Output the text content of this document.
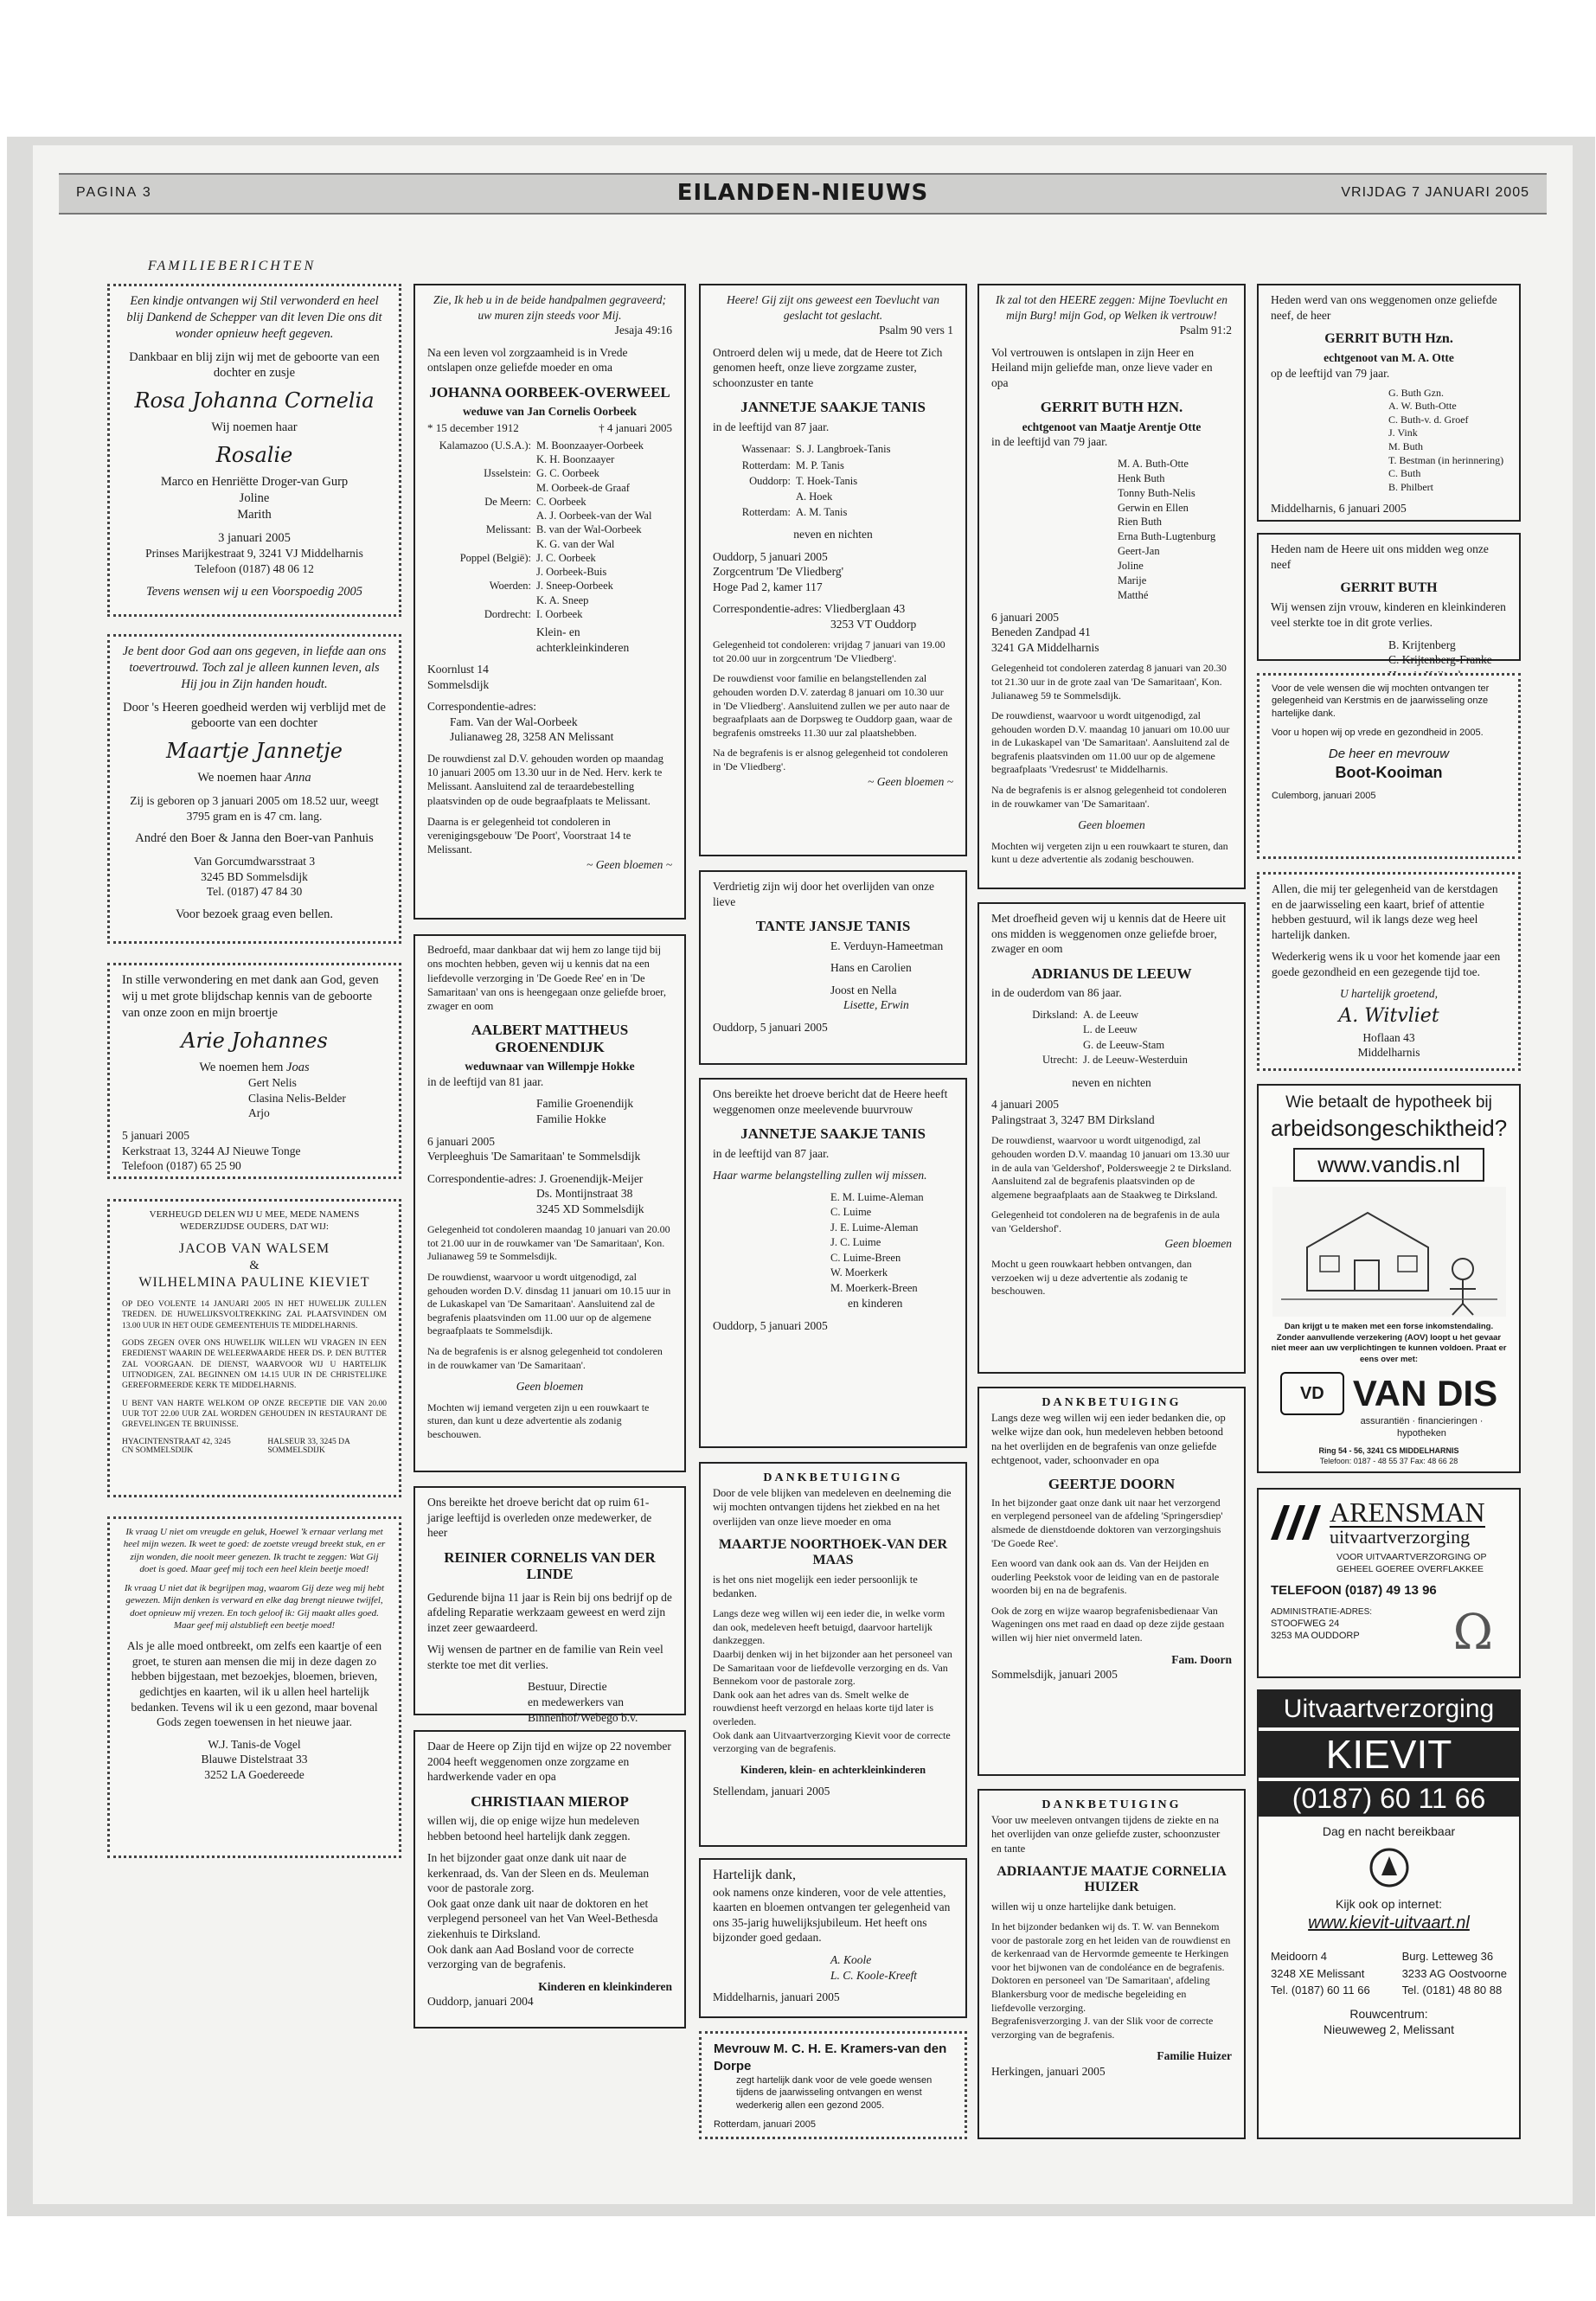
PAGINA 3	EILANDEN-NIEUWS	VRIJDAG 7 JANUARI 2005
FAMILIEBERICHTEN

Een kindje ontvangen wij Stil verwonderd en heel blij Dankend de Schepper van dit leven Die ons dit wonder opnieuw heeft gegeven.

Dankbaar en blij zijn wij met de geboorte van een dochter en zusje

Rosa Johanna Cornelia

Wij noemen haar

Rosalie

Marco en Henriëtte Droger-van Gurp

Joline

Marith

3 januari 2005

Prinses Marijkestraat 9, 3241 VJ Middelharnis

Telefoon (0187) 48 06 12

Tevens wensen wij u een Voorspoedig 2005

Je bent door God aan ons gegeven, in liefde aan ons toevertrouwd. Toch zal je alleen kunnen leven, als Hij jou in Zijn handen houdt.

Door 's Heeren goedheid werden wij verblijd met de geboorte van een dochter

Maartje Jannetje

We noemen haar Anna

Zij is geboren op 3 januari 2005 om 18.52 uur, weegt 3795 gram en is 47 cm. lang.

André den Boer & Janna den Boer-van Panhuis

Van Gorcumdwarsstraat 3

3245 BD Sommelsdijk

Tel. (0187) 47 84 30

Voor bezoek graag even bellen.

In stille verwondering en met dank aan God, geven wij u met grote blijdschap kennis van de geboorte van onze zoon en mijn broertje

Arie Johannes

We noemen hem Joas

Gert Nelis

Clasina Nelis-Belder

Arjo

5 januari 2005

Kerkstraat 13, 3244 AJ Nieuwe Tonge

Telefoon (0187) 65 25 90

VERHEUGD DELEN WIJ U MEE, MEDE NAMENS WEDERZIJDSE OUDERS, DAT WIJ:

JACOB VAN WALSEM

&

WILHELMINA PAULINE KIEVIET

OP DEO VOLENTE 14 JANUARI 2005 IN HET HUWELIJK ZULLEN TREDEN. DE HUWELIJKSVOLTREKKING ZAL PLAATSVINDEN OM 13.00 UUR IN HET OUDE GEMEENTEHUIS TE MIDDELHARNIS.

GODS ZEGEN OVER ONS HUWELIJK WILLEN WIJ VRAGEN IN EEN EREDIENST WAARIN DE WELEERWAARDE HEER DS. P. DEN BUTTER ZAL VOORGAAN. DE DIENST, WAARVOOR WIJ U HARTELIJK UITNODIGEN, ZAL BEGINNEN OM 14.15 UUR IN DE CHRISTELIJKE GEREFORMEERDE KERK TE MIDDELHARNIS.

U BENT VAN HARTE WELKOM OP ONZE RECEPTIE DIE VAN 20.00 UUR TOT 22.00 UUR ZAL WORDEN GEHOUDEN IN RESTAURANT DE GREVELINGEN TE BRUINISSE.

HYACINTENSTRAAT 42, 3245 CN SOMMELSDIJK
HALSEUR 33, 3245 DA SOMMELSDIJK

Ik vraag U niet om vreugde en geluk, Hoewel 'k ernaar verlang met heel mijn wezen. Ik weet te goed: de zoetste vreugd breekt stuk, en er zijn wonden, die nooit meer genezen. Ik tracht te zeggen: Wat Gij doet is goed. Maar geef mij toch een heel klein beetje moed!

Ik vraag U niet dat ik begrijpen mag, waarom Gij deze weg mij hebt gewezen. Mijn denken is verward en elke dag brengt nieuwe twijfel, doet opnieuw mij vrezen. En toch geloof ik: Gij maakt alles goed. Maar geef mij alstublieft een beetje moed!

Als je alle moed ontbreekt, om zelfs een kaartje of een groet, te sturen aan mensen die mij in deze dagen zo hebben bijgestaan, met bezoekjes, bloemen, brieven, gedichtjes en kaarten, wil ik u allen heel hartelijk bedanken. Tevens wil ik u een gezond, maar bovenal Gods zegen toewensen in het nieuwe jaar.

W.J. Tanis-de Vogel

Blauwe Distelstraat 33

3252 LA Goedereede

Zie, Ik heb u in de beide handpalmen gegraveerd; uw muren zijn steeds voor Mij.

Jesaja 49:16

Na een leven vol zorgzaamheid is in Vrede ontslapen onze geliefde moeder en oma

JOHANNA OORBEEK-OVERWEEL

weduwe van Jan Cornelis Oorbeek

* 15 december 1912	† 4 januari 2005
Kalamazoo (U.S.A.): M. Boonzaayer-Oorbeek
K. H. Boonzaayer
IJsselstein: G. C. Oorbeek
M. Oorbeek-de Graaf
De Meern: C. Oorbeek
A. J. Oorbeek-van der Wal
Melissant: B. van der Wal-Oorbeek
K. G. van der Wal
Poppel (België): J. C. Oorbeek
J. Oorbeek-Buis
Woerden: J. Sneep-Oorbeek
K. A. Sneep
Dordrecht: I. Oorbeek

Klein- en achterkleinkinderen

Koornlust 14

Sommelsdijk

Correspondentie-adres:

Fam. Van der Wal-Oorbeek

Julianaweg 28, 3258 AN Melissant

De rouwdienst zal D.V. gehouden worden op maandag 10 januari 2005 om 13.30 uur in de Ned. Herv. kerk te Melissant. Aansluitend zal de teraardebestelling plaatsvinden op de oude begraafplaats te Melissant.

Daarna is er gelegenheid tot condoleren in verenigingsgebouw 'De Poort', Voorstraat 14 te Melissant.

~ Geen bloemen ~

Bedroefd, maar dankbaar dat wij hem zo lange tijd bij ons mochten hebben, geven wij u kennis dat na een liefdevolle verzorging in 'De Goede Ree' en in 'De Samaritaan' van ons is heengegaan onze geliefde broer, zwager en oom

AALBERT MATTHEUS GROENENDIJK

weduwnaar van Willempje Hokke

in de leeftijd van 81 jaar.

Familie Groenendijk

Familie Hokke

6 januari 2005

Verpleeghuis 'De Samaritaan' te Sommelsdijk

Correspondentie-adres: J. Groenendijk-Meijer

Ds. Montijnstraat 38

3245 XD Sommelsdijk

Gelegenheid tot condoleren maandag 10 januari van 20.00 tot 21.00 uur in de rouwkamer van 'De Samaritaan', Kon. Julianaweg 59 te Sommelsdijk.

De rouwdienst, waarvoor u wordt uitgenodigd, zal gehouden worden D.V. dinsdag 11 januari om 10.15 uur in de Lukaskapel van 'De Samaritaan'. Aansluitend zal de begrafenis plaatsvinden om 11.00 uur op de algemene begraafplaats te Sommelsdijk.

Na de begrafenis is er alsnog gelegenheid tot condoleren in de rouwkamer van 'De Samaritaan'.

Geen bloemen

Mochten wij iemand vergeten zijn u een rouwkaart te sturen, dan kunt u deze advertentie als zodanig beschouwen.

Ons bereikte het droeve bericht dat op ruim 61-jarige leeftijd is overleden onze medewerker, de heer

REINIER CORNELIS VAN DER LINDE

Gedurende bijna 11 jaar is Rein bij ons bedrijf op de afdeling Reparatie werkzaam geweest en werd zijn inzet zeer gewaardeerd.

Wij wensen de partner en de familie van Rein veel sterkte toe met dit verlies.

Bestuur, Directie

en medewerkers van

Binnenhof/Webego b.v.

Daar de Heere op Zijn tijd en wijze op 22 november 2004 heeft weggenomen onze zorgzame en hardwerkende vader en opa

CHRISTIAAN MIEROP

willen wij, die op enige wijze hun medeleven hebben betoond heel hartelijk dank zeggen.

In het bijzonder gaat onze dank uit naar de kerkenraad, ds. Van der Sleen en ds. Meuleman voor de pastorale zorg.

Ook gaat onze dank uit naar de doktoren en het verplegend personeel van het Van Weel-Bethesda ziekenhuis te Dirksland.

Ook dank aan Aad Bosland voor de correcte verzorging van de begrafenis.

Kinderen en kleinkinderen

Ouddorp, januari 2004

Heere! Gij zijt ons geweest een Toevlucht van geslacht tot geslacht.

Psalm 90 vers 1

Ontroerd delen wij u mede, dat de Heere tot Zich genomen heeft, onze lieve zorgzame zuster, schoonzuster en tante

JANNETJE SAAKJE TANIS

in de leeftijd van 87 jaar.

Wassenaar: S. J. Langbroek-Tanis
Rotterdam: M. P. Tanis
Ouddorp: T. Hoek-Tanis
A. Hoek
Rotterdam: A. M. Tanis

neven en nichten

Ouddorp, 5 januari 2005

Zorgcentrum 'De Vliedberg'

Hoge Pad 2, kamer 117

Correspondentie-adres: Vliedberglaan 43

3253 VT Ouddorp

Gelegenheid tot condoleren: vrijdag 7 januari van 19.00 tot 20.00 uur in zorgcentrum 'De Vliedberg'.

De rouwdienst voor familie en belangstellenden zal gehouden worden D.V. zaterdag 8 januari om 10.30 uur in 'De Vliedberg'. Aansluitend zullen we per auto naar de begraafplaats aan de Dorpsweg te Ouddorp gaan, waar de begrafenis omstreeks 11.30 uur zal plaatshebben.

Na de begrafenis is er alsnog gelegenheid tot condoleren in 'De Vliedberg'.

~ Geen bloemen ~

Verdrietig zijn wij door het overlijden van onze lieve

TANTE JANSJE TANIS

E. Verduyn-Hameetman

Hans en Carolien

Joost en Nella

Lisette, Erwin

Ouddorp, 5 januari 2005

Ons bereikte het droeve bericht dat de Heere heeft weggenomen onze meelevende buurvrouw

JANNETJE SAAKJE TANIS

in de leeftijd van 87 jaar.

Haar warme belangstelling zullen wij missen.

E. M. Luime-Aleman
C. Luime
J. E. Luime-Aleman
J. C. Luime
C. Luime-Breen
W. Moerkerk
M. Moerkerk-Breen

en kinderen

Ouddorp, 5 januari 2005

DANKBETUIGING

Door de vele blijken van medeleven en deelneming die wij mochten ontvangen tijdens het ziekbed en na het overlijden van onze lieve moeder en oma

MAARTJE NOORTHOEK-VAN DER MAAS

is het ons niet mogelijk een ieder persoonlijk te bedanken.

Langs deze weg willen wij een ieder die, in welke vorm dan ook, medeleven heeft betuigd, daarvoor hartelijk dankzeggen.

Daarbij denken wij in het bijzonder aan het personeel van De Samaritaan voor de liefdevolle verzorging en ds. Van Bennekom voor de pastorale zorg.

Dank ook aan het adres van ds. Smelt welke de rouwdienst heeft verzorgd en helaas korte tijd later is overleden.

Ook dank aan Uitvaartverzorging Kievit voor de correcte verzorging van de begrafenis.

Kinderen, klein- en achterkleinkinderen

Stellendam, januari 2005

Hartelijk dank,

ook namens onze kinderen, voor de vele attenties, kaarten en bloemen ontvangen ter gelegenheid van ons 35-jarig huwelijksjubileum. Het heeft ons bijzonder goed gedaan.

A. Koole

L. C. Koole-Kreeft

Middelharnis, januari 2005

Mevrouw M. C. H. E. Kramers-van den Dorpe

zegt hartelijk dank voor de vele goede wensen tijdens de jaarwisseling ontvangen en wenst wederkerig allen een gezond 2005.

Rotterdam, januari 2005

Ik zal tot den HEERE zeggen: Mijne Toevlucht en mijn Burg! mijn God, op Welken ik vertrouw!

Psalm 91:2

Vol vertrouwen is ontslapen in zijn Heer en Heiland mijn geliefde man, onze lieve vader en opa

GERRIT BUTH HZN.

echtgenoot van Maatje Arentje Otte

in de leeftijd van 79 jaar.

M. A. Buth-Otte
Henk Buth
Tonny Buth-Nelis
Gerwin en Ellen
Rien Buth
Erna Buth-Lugtenburg
Geert-Jan
Joline
Marije
Matthé

6 januari 2005

Beneden Zandpad 41

3241 GA Middelharnis

Gelegenheid tot condoleren zaterdag 8 januari van 20.30 tot 21.30 uur in de grote zaal van 'De Samaritaan', Kon. Julianaweg 59 te Sommelsdijk.

De rouwdienst, waarvoor u wordt uitgenodigd, zal gehouden worden D.V. maandag 10 januari om 10.00 uur in de Lukaskapel van 'De Samaritaan'. Aansluitend zal de begrafenis plaatsvinden om 11.00 uur op de algemene begraafplaats 'Vredesrust' te Middelharnis.

Na de begrafenis is er alsnog gelegenheid tot condoleren in de rouwkamer van 'De Samaritaan'.

Geen bloemen

Mochten wij vergeten zijn u een rouwkaart te sturen, dan kunt u deze advertentie als zodanig beschouwen.

Met droefheid geven wij u kennis dat de Heere uit ons midden is weggenomen onze geliefde broer, zwager en oom

ADRIANUS DE LEEUW

in de ouderdom van 86 jaar.

Dirksland: A. de Leeuw
L. de Leeuw
G. de Leeuw-Stam
Utrecht: J. de Leeuw-Westerduin

neven en nichten

4 januari 2005

Palingstraat 3, 3247 BM Dirksland

De rouwdienst, waarvoor u wordt uitgenodigd, zal gehouden worden D.V. maandag 10 januari om 13.30 uur in de aula van 'Geldershof', Poldersweegje 2 te Dirksland. Aansluitend zal de begrafenis plaatsvinden op de algemene begraafplaats aan de Staakweg te Dirksland.

Gelegenheid tot condoleren na de begrafenis in de aula van 'Geldershof'.

Geen bloemen

Mocht u geen rouwkaart hebben ontvangen, dan verzoeken wij u deze advertentie als zodanig te beschouwen.

DANKBETUIGING

Langs deze weg willen wij een ieder bedanken die, op welke wijze dan ook, hun medeleven hebben betoond na het overlijden en de begrafenis van onze geliefde echtgenoot, vader, schoonvader en opa

GEERTJE DOORN

In het bijzonder gaat onze dank uit naar het verzorgend en verplegend personeel van de afdeling 'Springersdiep' alsmede de dienstdoende doktoren van verzorgingshuis 'De Goede Ree'.

Een woord van dank ook aan ds. Van der Heijden en ouderling Peekstok voor de leiding van en de pastorale woorden bij en na de begrafenis.

Ook de zorg en wijze waarop begrafenisbedienaar Van Wageningen ons met raad en daad op deze zijde gestaan willen wij hier niet onvermeld laten.

Fam. Doorn

Sommelsdijk, januari 2005

DANKBETUIGING

Voor uw meeleven ontvangen tijdens de ziekte en na het overlijden van onze geliefde zuster, schoonzuster en tante

ADRIAANTJE MAATJE CORNELIA HUIZER

willen wij u onze hartelijke dank betuigen.

In het bijzonder bedanken wij ds. T. W. van Bennekom voor de pastorale zorg en het leiden van de rouwdienst en de kerkenraad van de Hervormde gemeente te Herkingen voor het bijwonen van de condoléance en de begrafenis.

Doktoren en personeel van 'De Samaritaan', afdeling Blankersburg voor de medische begeleiding en liefdevolle verzorging.

Begrafenisverzorging J. van der Slik voor de correcte verzorging van de begrafenis.

Familie Huizer

Herkingen, januari 2005

Heden werd van ons weggenomen onze geliefde neef, de heer

GERRIT BUTH Hzn.

echtgenoot van M. A. Otte

op de leeftijd van 79 jaar.

G. Buth Gzn.
A. W. Buth-Otte
C. Buth-v. d. Groef
J. Vink
M. Buth
T. Bestman (in herinnering)
C. Buth
B. Philbert

Middelharnis, 6 januari 2005

Heden nam de Heere uit ons midden weg onze neef

GERRIT BUTH

Wij wensen zijn vrouw, kinderen en kleinkinderen veel sterkte toe in dit grote verlies.

B. Krijtenberg

C. Krijtenberg-Franke

Voor de vele wensen die wij mochten ontvangen ter gelegenheid van Kerstmis en de jaarwisseling onze hartelijke dank.

Voor u hopen wij op vrede en gezondheid in 2005.

De heer en mevrouw

Boot-Kooiman

Culemborg, januari 2005

Allen, die mij ter gelegenheid van de kerstdagen en de jaarwisseling een kaart, brief of attentie hebben gestuurd, wil ik langs deze weg heel hartelijk danken.

Wederkerig wens ik u voor het komende jaar een goede gezondheid en een gezegende tijd toe.

U hartelijk groetend,

A. Witvliet

Hoflaan 43

Middelharnis

Wie betaalt de hypotheek bij

arbeidsongeschiktheid?

www.vandis.nl

Dan krijgt u te maken met een forse inkomstendaling. Zonder aanvullende verzekering (AOV) loopt u het gevaar niet meer aan uw verplichtingen te kunnen voldoen. Praat er eens over met:

VD VAN DIS

assurantiën · financieringen · hypotheken

Ring 54 - 56, 3241 CS MIDDELHARNIS

Telefoon: 0187 - 48 55 37 Fax: 48 66 28

ARENSMAN
uitvaartverzorging

VOOR UITVAARTVERZORGING OP

GEHEEL GOEREE OVERFLAKKEE

TELEFOON (0187) 49 13 96

ADMINISTRATIE-ADRES:

STOOFWEG 24

3253 MA OUDDORP	Ω
Uitvaartverzorging
KIEVIT
(0187) 60 11 66

Dag en nacht bereikbaar

Kijk ook op internet:

www.kievit-uitvaart.nl

Meidoorn 4
3248 XE Melissant
Tel. (0187) 60 11 66
Burg. Letteweg 36
3233 AG Oostvoorne
Tel. (0181) 48 80 88

Rouwcentrum:

Nieuweweg 2, Melissant
